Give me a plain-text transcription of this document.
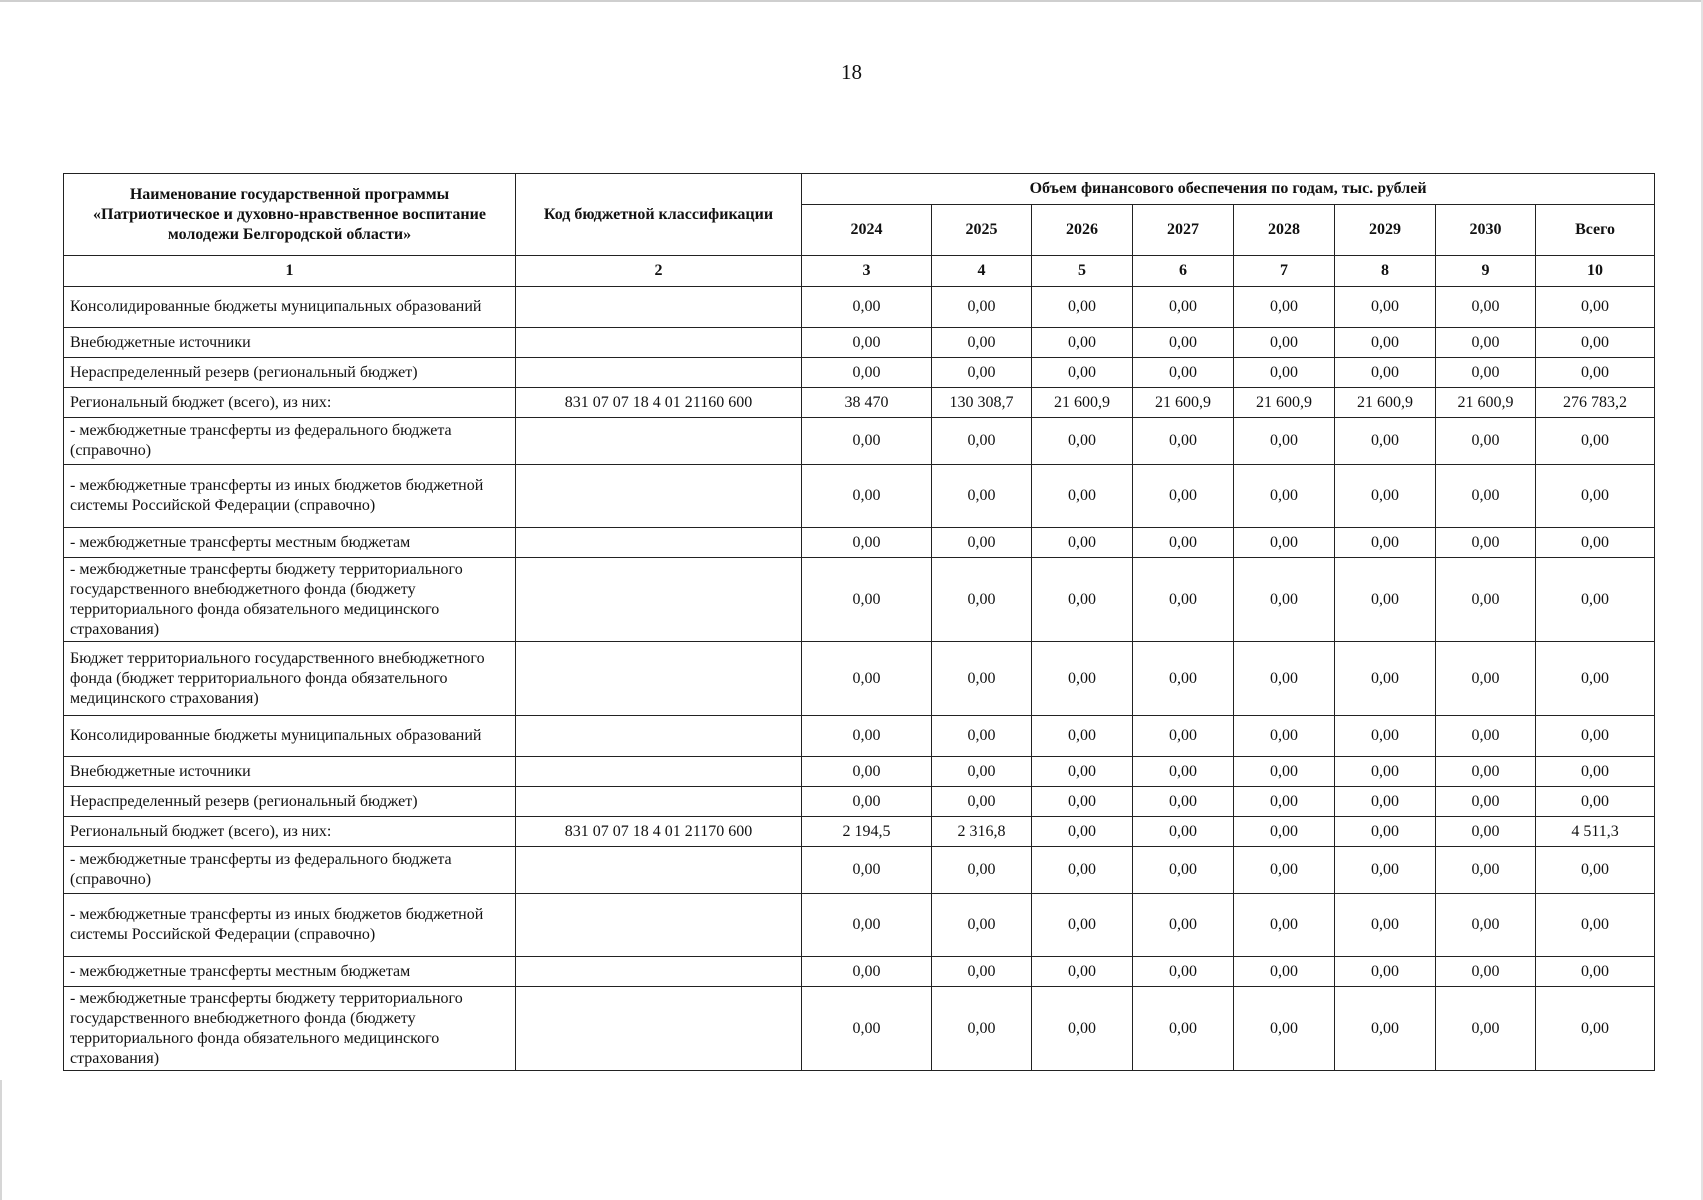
18
Наименование государственной программы «Патриотическое и духовно-нравственное воспитание молодежи Белгородской области»	Код бюджетной классификации	Объем финансового обеспечения по годам, тыс. рублей							
		2024	2025	2026	2027	2028	2029	2030	Всего
1	2	3	4	5	6	7	8	9	10
Консолидированные бюджеты муниципальных образований		0,00	0,00	0,00	0,00	0,00	0,00	0,00	0,00
Внебюджетные источники		0,00	0,00	0,00	0,00	0,00	0,00	0,00	0,00
Нераспределенный резерв (региональный бюджет)		0,00	0,00	0,00	0,00	0,00	0,00	0,00	0,00
Региональный бюджет (всего), из них:	831 07 07 18 4 01 21160 600	38 470	130 308,7	21 600,9	21 600,9	21 600,9	21 600,9	21 600,9	276 783,2
- межбюджетные трансферты из федерального бюджета (справочно)		0,00	0,00	0,00	0,00	0,00	0,00	0,00	0,00
- межбюджетные трансферты из иных бюджетов бюджетной системы Российской Федерации (справочно)		0,00	0,00	0,00	0,00	0,00	0,00	0,00	0,00
- межбюджетные трансферты местным бюджетам		0,00	0,00	0,00	0,00	0,00	0,00	0,00	0,00
- межбюджетные трансферты бюджету территориального государственного внебюджетного фонда (бюджету территориального фонда обязательного медицинского страхования)		0,00	0,00	0,00	0,00	0,00	0,00	0,00	0,00
Бюджет территориального государственного внебюджетного фонда (бюджет территориального фонда обязательного медицинского страхования)		0,00	0,00	0,00	0,00	0,00	0,00	0,00	0,00
Консолидированные бюджеты муниципальных образований		0,00	0,00	0,00	0,00	0,00	0,00	0,00	0,00
Внебюджетные источники		0,00	0,00	0,00	0,00	0,00	0,00	0,00	0,00
Нераспределенный резерв (региональный бюджет)		0,00	0,00	0,00	0,00	0,00	0,00	0,00	0,00
Региональный бюджет (всего), из них:	831 07 07 18 4 01 21170 600	2 194,5	2 316,8	0,00	0,00	0,00	0,00	0,00	4 511,3
- межбюджетные трансферты из федерального бюджета (справочно)		0,00	0,00	0,00	0,00	0,00	0,00	0,00	0,00
- межбюджетные трансферты из иных бюджетов бюджетной системы Российской Федерации (справочно)		0,00	0,00	0,00	0,00	0,00	0,00	0,00	0,00
- межбюджетные трансферты местным бюджетам		0,00	0,00	0,00	0,00	0,00	0,00	0,00	0,00
- межбюджетные трансферты бюджету территориального государственного внебюджетного фонда (бюджету территориального фонда обязательного медицинского страхования)		0,00	0,00	0,00	0,00	0,00	0,00	0,00	0,00
